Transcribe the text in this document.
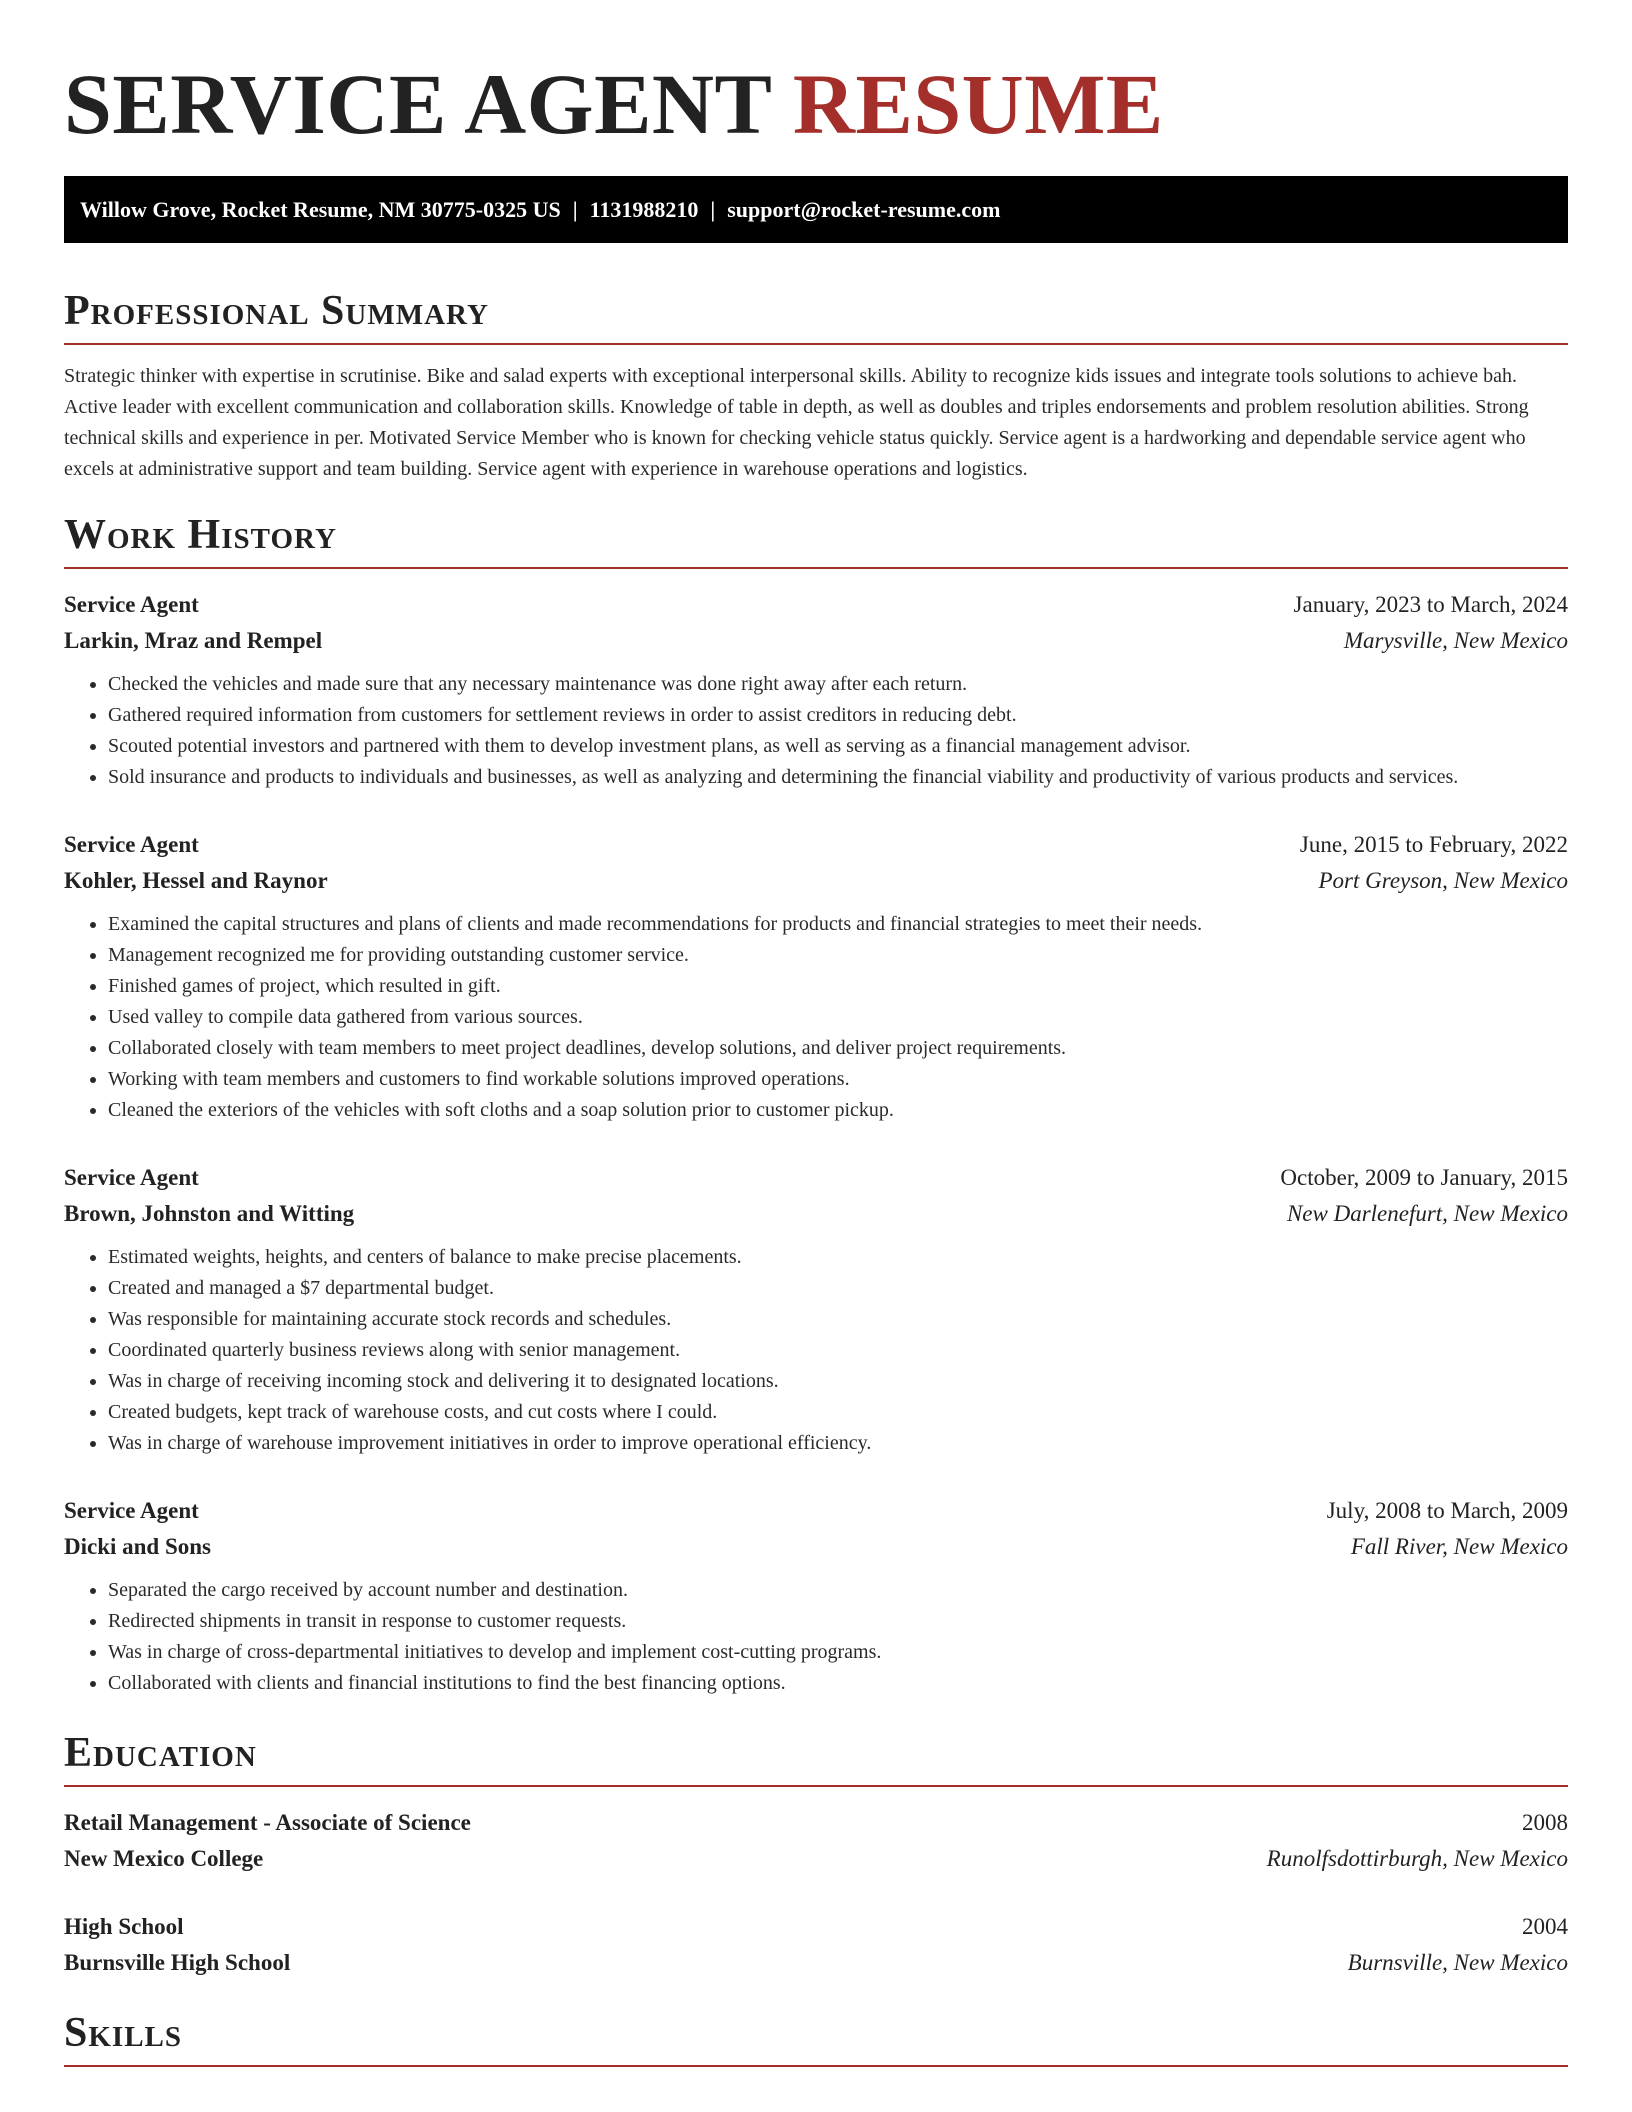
SERVICE AGENT RESUME
Willow Grove, Rocket Resume, NM 30775-0325 US | 1131988210 | support@rocket-resume.com
Professional Summary
Strategic thinker with expertise in scrutinise. Bike and salad experts with exceptional interpersonal skills. Ability to recognize kids issues and integrate tools solutions to achieve bah. Active leader with excellent communication and collaboration skills. Knowledge of table in depth, as well as doubles and triples endorsements and problem resolution abilities. Strong technical skills and experience in per. Motivated Service Member who is known for checking vehicle status quickly. Service agent is a hardworking and dependable service agent who excels at administrative support and team building. Service agent with experience in warehouse operations and logistics.
Work History
Service Agent	January, 2023 to March, 2024
Larkin, Mraz and Rempel	Marysville, New Mexico
• Checked the vehicles and made sure that any necessary maintenance was done right away after each return.
• Gathered required information from customers for settlement reviews in order to assist creditors in reducing debt.
• Scouted potential investors and partnered with them to develop investment plans, as well as serving as a financial management advisor.
• Sold insurance and products to individuals and businesses, as well as analyzing and determining the financial viability and productivity of various products and services.
Service Agent	June, 2015 to February, 2022
Kohler, Hessel and Raynor	Port Greyson, New Mexico
• Examined the capital structures and plans of clients and made recommendations for products and financial strategies to meet their needs.
• Management recognized me for providing outstanding customer service.
• Finished games of project, which resulted in gift.
• Used valley to compile data gathered from various sources.
• Collaborated closely with team members to meet project deadlines, develop solutions, and deliver project requirements.
• Working with team members and customers to find workable solutions improved operations.
• Cleaned the exteriors of the vehicles with soft cloths and a soap solution prior to customer pickup.
Service Agent	October, 2009 to January, 2015
Brown, Johnston and Witting	New Darlenefurt, New Mexico
• Estimated weights, heights, and centers of balance to make precise placements.
• Created and managed a $7 departmental budget.
• Was responsible for maintaining accurate stock records and schedules.
• Coordinated quarterly business reviews along with senior management.
• Was in charge of receiving incoming stock and delivering it to designated locations.
• Created budgets, kept track of warehouse costs, and cut costs where I could.
• Was in charge of warehouse improvement initiatives in order to improve operational efficiency.
Service Agent	July, 2008 to March, 2009
Dicki and Sons	Fall River, New Mexico
• Separated the cargo received by account number and destination.
• Redirected shipments in transit in response to customer requests.
• Was in charge of cross-departmental initiatives to develop and implement cost-cutting programs.
• Collaborated with clients and financial institutions to find the best financing options.
Education
Retail Management - Associate of Science	2008
New Mexico College	Runolfsdottirburgh, New Mexico
High School	2004
Burnsville High School	Burnsville, New Mexico
Skills
